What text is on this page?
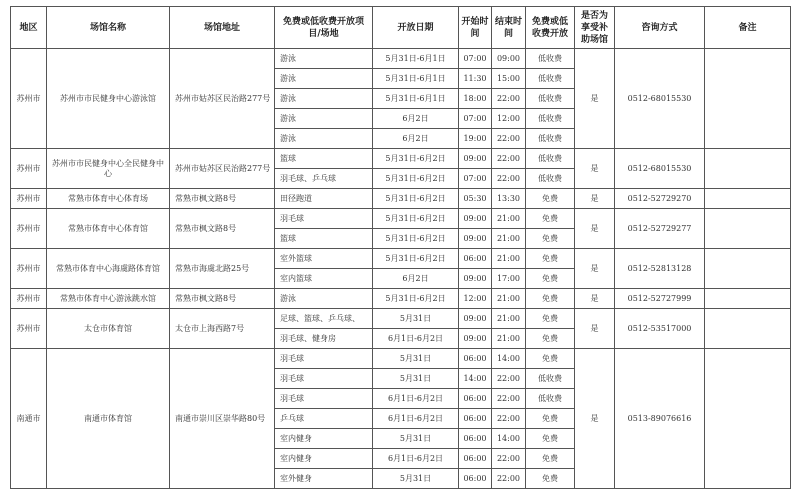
地区	场馆名称	场馆地址	免费或低收费开放项目/场地	开放日期	开始时间	结束时间	免费或低收费开放	是否为享受补助场馆	咨询方式	备注
苏州市	苏州市市民健身中心游泳馆	苏州市姑苏区民治路277号	游泳	5月31日-6月1日	07:00	09:00	低收费	是	0512-68015530	
			游泳	5月31日-6月1日	11:30	15:00	低收费			
			游泳	5月31日-6月1日	18:00	22:00	低收费			
			游泳	6月2日	07:00	12:00	低收费			
			游泳	6月2日	19:00	22:00	低收费			
苏州市	苏州市市民健身中心全民健身中心	苏州市姑苏区民治路277号	篮球	5月31日-6月2日	09:00	22:00	低收费	是	0512-68015530	
			羽毛球、乒乓球	5月31日-6月2日	07:00	22:00	低收费			
苏州市	常熟市体育中心体育场	常熟市枫文路8号	田径跑道	5月31日-6月2日	05:30	13:30	免费	是	0512-52729270	
苏州市	常熟市体育中心体育馆	常熟市枫文路8号	羽毛球	5月31日-6月2日	09:00	21:00	免费	是	0512-52729277	
			篮球	5月31日-6月2日	09:00	21:00	免费			
苏州市	常熟市体育中心海虞路体育馆	常熟市海虞北路25号	室外篮球	5月31日-6月2日	06:00	21:00	免费	是	0512-52813128	
			室内篮球	6月2日	09:00	17:00	免费			
苏州市	常熟市体育中心游泳跳水馆	常熟市枫文路8号	游泳	5月31日-6月2日	12:00	21:00	免费	是	0512-52727999	
苏州市	太仓市体育馆	太仓市上海西路7号	足球、篮球、乒乓球、	5月31日	09:00	21:00	免费	是	0512-53517000	
			羽毛球、健身房	6月1日-6月2日	09:00	21:00	免费			
南通市	南通市体育馆	南通市崇川区崇华路80号	羽毛球	5月31日	06:00	14:00	免费	是	0513-89076616	
			羽毛球	5月31日	14:00	22:00	低收费			
			羽毛球	6月1日-6月2日	06:00	22:00	低收费			
			乒乓球	6月1日-6月2日	06:00	22:00	免费			
			室内健身	5月31日	06:00	14:00	免费			
			室内健身	6月1日-6月2日	06:00	22:00	免费			
			室外健身	5月31日	06:00	22:00	免费			
